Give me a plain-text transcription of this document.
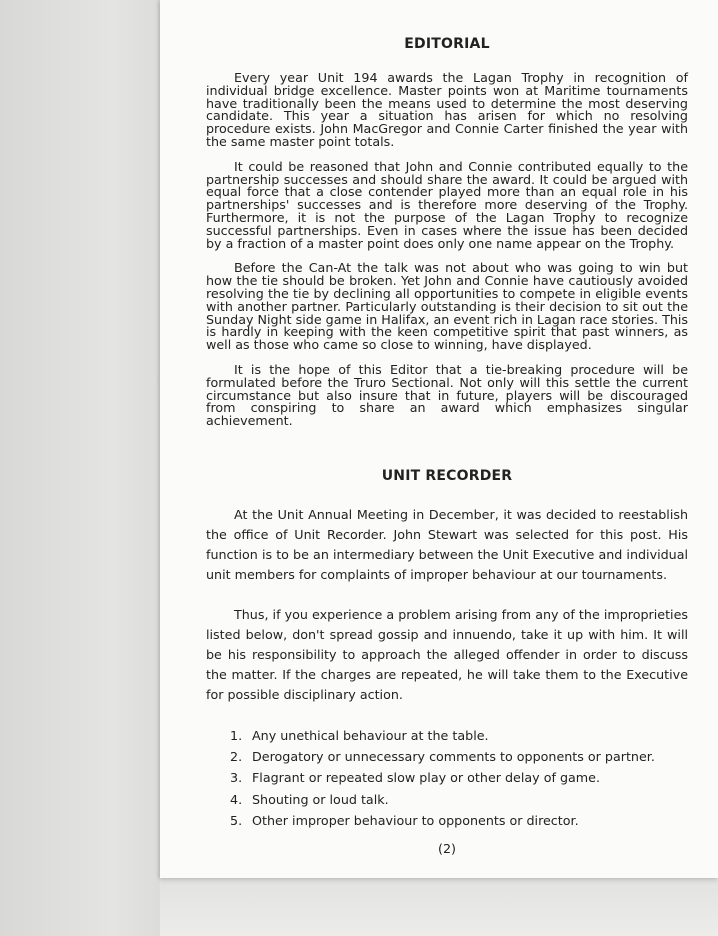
EDITORIAL

Every year Unit 194 awards the Lagan Trophy in recognition of individual bridge excellence. Master points won at Maritime tournaments have traditionally been the means used to determine the most deserving candidate. This year a situation has arisen for which no resolving procedure exists. John MacGregor and Connie Carter finished the year with the same master point totals.

It could be reasoned that John and Connie contributed equally to the partnership successes and should share the award. It could be argued with equal force that a close contender played more than an equal role in his partnerships' successes and is therefore more deserving of the Trophy. Furthermore, it is not the purpose of the Lagan Trophy to recognize successful partnerships. Even in cases where the issue has been decided by a fraction of a master point does only one name appear on the Trophy.

Before the Can-At the talk was not about who was going to win but how the tie should be broken. Yet John and Connie have cautiously avoided resolving the tie by declining all opportunities to compete in eligible events with another partner. Particularly outstanding is their decision to sit out the Sunday Night side game in Halifax, an event rich in Lagan race stories. This is hardly in keeping with the keen competitive spirit that past winners, as well as those who came so close to winning, have displayed.

It is the hope of this Editor that a tie-breaking procedure will be formulated before the Truro Sectional. Not only will this settle the current circumstance but also insure that in future, players will be discouraged from conspiring to share an award which emphasizes singular achievement.

UNIT RECORDER

At the Unit Annual Meeting in December, it was decided to reestablish the office of Unit Recorder. John Stewart was selected for this post. His function is to be an intermediary between the Unit Executive and individual unit members for complaints of improper behaviour at our tournaments.

Thus, if you experience a problem arising from any of the improprieties listed below, don't spread gossip and innuendo, take it up with him. It will be his responsibility to approach the alleged offender in order to discuss the matter. If the charges are repeated, he will take them to the Executive for possible disciplinary action.

1. Any unethical behaviour at the table.
2. Derogatory or unnecessary comments to opponents or partner.
3. Flagrant or repeated slow play or other delay of game.
4. Shouting or loud talk.
5. Other improper behaviour to opponents or director.
(2)
